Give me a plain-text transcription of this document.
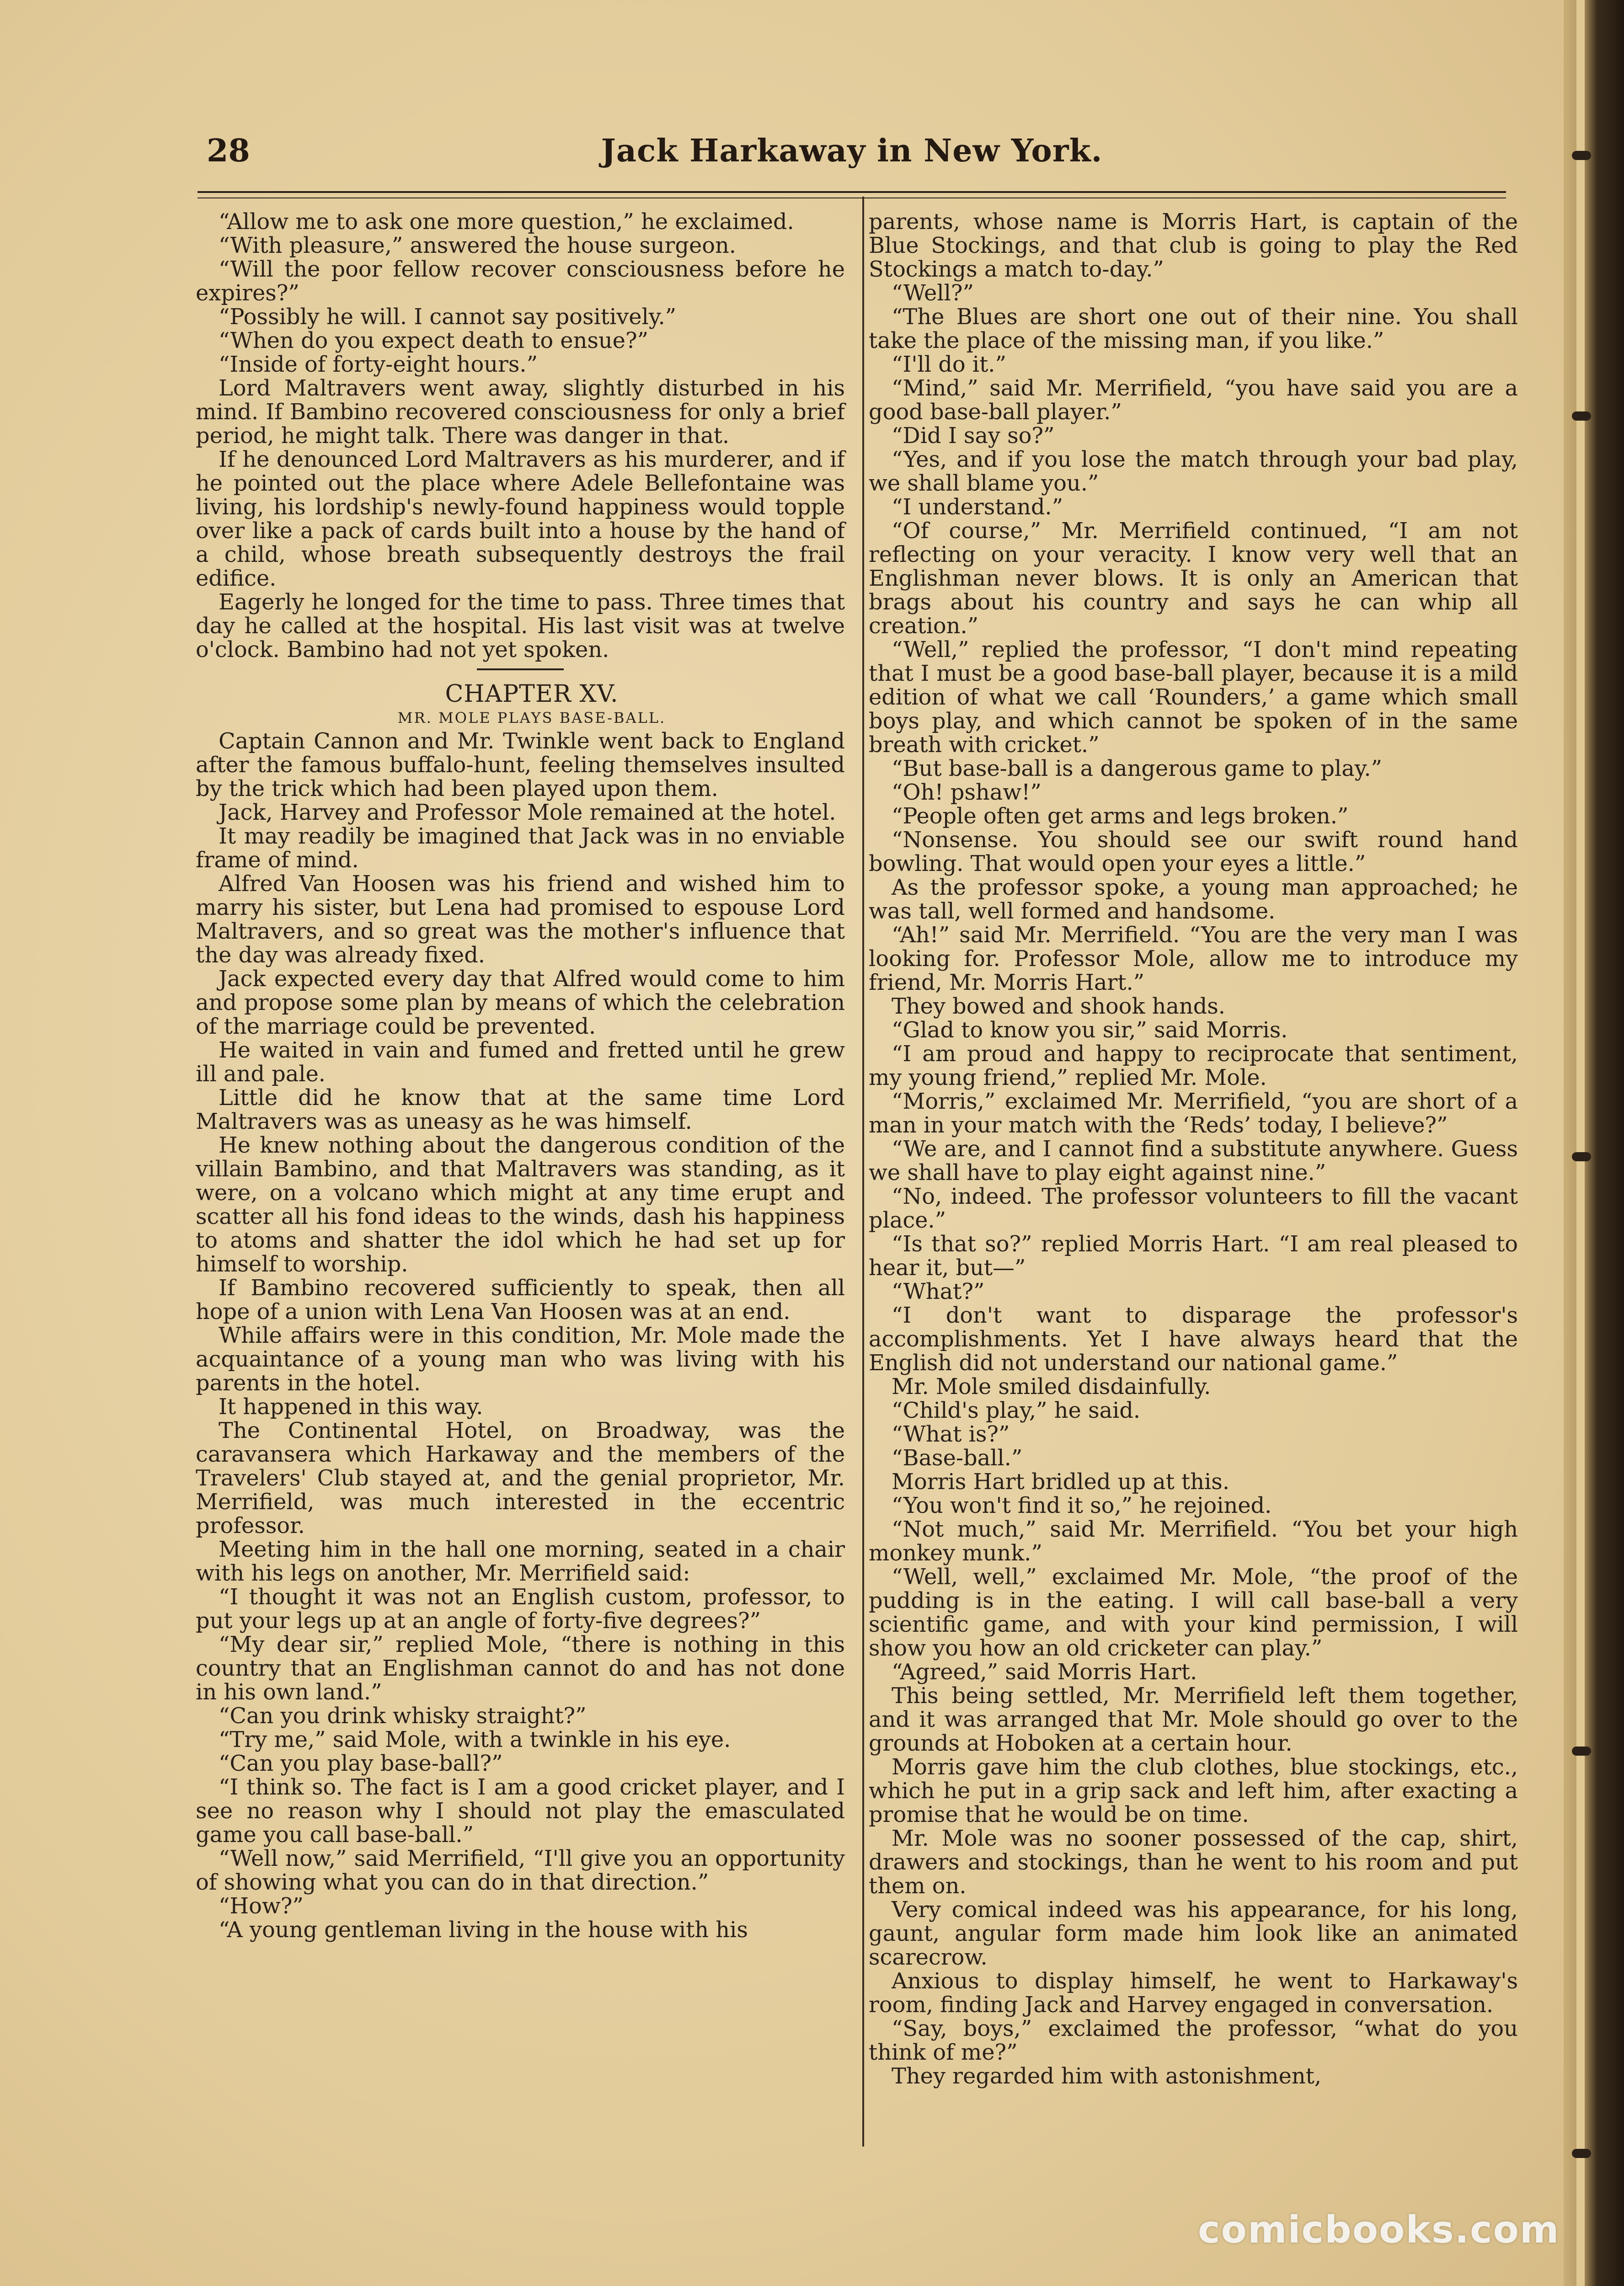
28	Jack Harkaway in New York.

“Allow me to ask one more question,” he exclaimed.

“With pleasure,” answered the house surgeon.

“Will the poor fellow recover consciousness before he expires?”

“Possibly he will. I cannot say positively.”

“When do you expect death to ensue?”

“Inside of forty-eight hours.”

Lord Maltravers went away, slightly disturbed in his mind. If Bambino recovered consciousness for only a brief period, he might talk. There was danger in that.

If he denounced Lord Maltravers as his murderer, and if he pointed out the place where Adele Bellefontaine was living, his lordship's newly-found happiness would topple over like a pack of cards built into a house by the hand of a child, whose breath subsequently destroys the frail edifice.

Eagerly he longed for the time to pass. Three times that day he called at the hospital. His last visit was at twelve o'clock. Bambino had not yet spoken.

CHAPTER XV.

MR. MOLE PLAYS BASE-BALL.

Captain Cannon and Mr. Twinkle went back to England after the famous buffalo-hunt, feeling themselves insulted by the trick which had been played upon them.

Jack, Harvey and Professor Mole remained at the hotel.

It may readily be imagined that Jack was in no enviable frame of mind.

Alfred Van Hoosen was his friend and wished him to marry his sister, but Lena had promised to espouse Lord Maltravers, and so great was the mother's influence that the day was already fixed.

Jack expected every day that Alfred would come to him and propose some plan by means of which the celebration of the marriage could be prevented.

He waited in vain and fumed and fretted until he grew ill and pale.

Little did he know that at the same time Lord Maltravers was as uneasy as he was himself.

He knew nothing about the dangerous condition of the villain Bambino, and that Maltravers was standing, as it were, on a volcano which might at any time erupt and scatter all his fond ideas to the winds, dash his happiness to atoms and shatter the idol which he had set up for himself to worship.

If Bambino recovered sufficiently to speak, then all hope of a union with Lena Van Hoosen was at an end.

While affairs were in this condition, Mr. Mole made the acquaintance of a young man who was living with his parents in the hotel.

It happened in this way.

The Continental Hotel, on Broadway, was the caravansera which Harkaway and the members of the Travelers' Club stayed at, and the genial proprietor, Mr. Merrifield, was much interested in the eccentric professor.

Meeting him in the hall one morning, seated in a chair with his legs on another, Mr. Merrifield said:

“I thought it was not an English custom, professor, to put your legs up at an angle of forty-five degrees?”

“My dear sir,” replied Mole, “there is nothing in this country that an Englishman cannot do and has not done in his own land.”

“Can you drink whisky straight?”

“Try me,” said Mole, with a twinkle in his eye.

“Can you play base-ball?”

“I think so. The fact is I am a good cricket player, and I see no reason why I should not play the emasculated game you call base-ball.”

“Well now,” said Merrifield, “I'll give you an opportunity of showing what you can do in that direction.”

“How?”

“A young gentleman living in the house with his

parents, whose name is Morris Hart, is captain of the Blue Stockings, and that club is going to play the Red Stockings a match to-day.”

“Well?”

“The Blues are short one out of their nine. You shall take the place of the missing man, if you like.”

“I'll do it.”

“Mind,” said Mr. Merrifield, “you have said you are a good base-ball player.”

“Did I say so?”

“Yes, and if you lose the match through your bad play, we shall blame you.”

“I understand.”

“Of course,” Mr. Merrifield continued, “I am not reflecting on your veracity. I know very well that an Englishman never blows. It is only an American that brags about his country and says he can whip all creation.”

“Well,” replied the professor, “I don't mind repeating that I must be a good base-ball player, because it is a mild edition of what we call ‘Rounders,’ a game which small boys play, and which cannot be spoken of in the same breath with cricket.”

“But base-ball is a dangerous game to play.”

“Oh! pshaw!”

“People often get arms and legs broken.”

“Nonsense. You should see our swift round hand bowling. That would open your eyes a little.”

As the professor spoke, a young man approached; he was tall, well formed and handsome.

“Ah!” said Mr. Merrifield. “You are the very man I was looking for. Professor Mole, allow me to introduce my friend, Mr. Morris Hart.”

They bowed and shook hands.

“Glad to know you sir,” said Morris.

“I am proud and happy to reciprocate that sentiment, my young friend,” replied Mr. Mole.

“Morris,” exclaimed Mr. Merrifield, “you are short of a man in your match with the ‘Reds’ today, I believe?”

“We are, and I cannot find a substitute anywhere. Guess we shall have to play eight against nine.”

“No, indeed. The professor volunteers to fill the vacant place.”

“Is that so?” replied Morris Hart. “I am real pleased to hear it, but—”

“What?”

“I don't want to disparage the professor's accomplishments. Yet I have always heard that the English did not understand our national game.”

Mr. Mole smiled disdainfully.

“Child's play,” he said.

“What is?”

“Base-ball.”

Morris Hart bridled up at this.

“You won't find it so,” he rejoined.

“Not much,” said Mr. Merrifield. “You bet your high monkey munk.”

“Well, well,” exclaimed Mr. Mole, “the proof of the pudding is in the eating. I will call base-ball a very scientific game, and with your kind permission, I will show you how an old cricketer can play.”

“Agreed,” said Morris Hart.

This being settled, Mr. Merrifield left them together, and it was arranged that Mr. Mole should go over to the grounds at Hoboken at a certain hour.

Morris gave him the club clothes, blue stockings, etc., which he put in a grip sack and left him, after exacting a promise that he would be on time.

Mr. Mole was no sooner possessed of the cap, shirt, drawers and stockings, than he went to his room and put them on.

Very comical indeed was his appearance, for his long, gaunt, angular form made him look like an animated scarecrow.

Anxious to display himself, he went to Harkaway's room, finding Jack and Harvey engaged in conversation.

“Say, boys,” exclaimed the professor, “what do you think of me?”

They regarded him with astonishment,

comicbooks.com
